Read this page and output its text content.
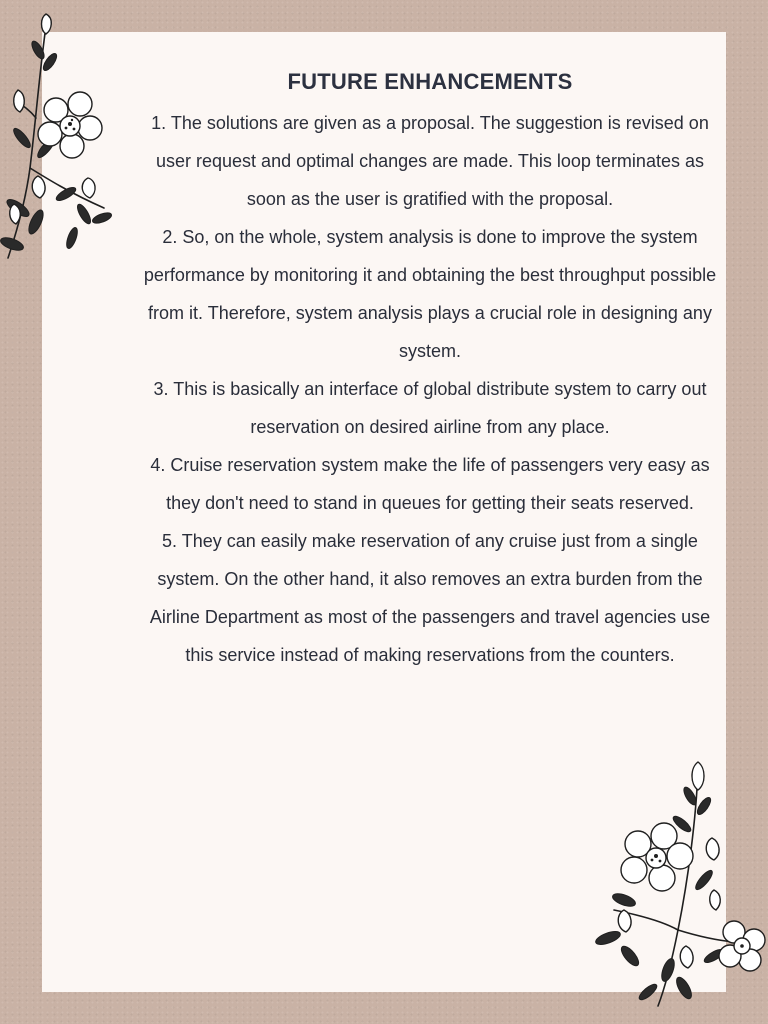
FUTURE ENHANCEMENTS

1. The solutions are given as a proposal. The suggestion is revised on user request and optimal changes are made. This loop terminates as soon as the user is gratified with the proposal.

2. So, on the whole, system analysis is done to improve the system performance by monitoring it and obtaining the best throughput possible from it. Therefore, system analysis plays a crucial role in designing any system.

3. This is basically an interface of global distribute system to carry out reservation on desired airline from any place.

4. Cruise reservation system make the life of passengers very easy as they don't need to stand in queues for getting their seats reserved.

5. They can easily make reservation of any cruise just from a single system. On the other hand, it also removes an extra burden from the Airline Department as most of the passengers and travel agencies use this service instead of making reservations from the counters.
